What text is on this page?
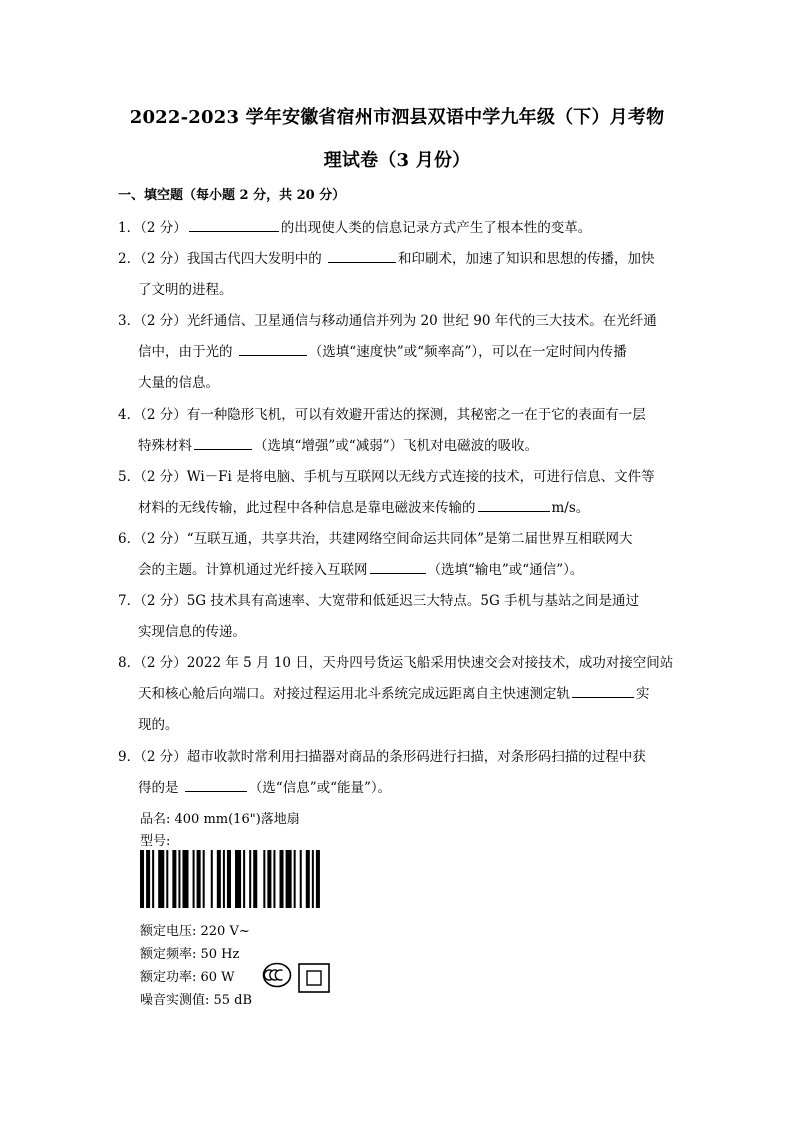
2022-2023 学年安徽省宿州市泗县双语中学九年级（下）月考物
理试卷（3 月份）
一、填空题（每小题 2 分，共 20 分）
1．（2 分）	的出现使人类的信息记录方式产生了根本性的变革。
2．（2 分）我国古代四大发明中的	和印刷术，加速了知识和思想的传播，加快
了文明的进程。
3．（2 分）光纤通信、卫星通信与移动通信并列为 20 世纪 90 年代的三大技术。在光纤通
信中，由于光的	（选填“速度快”或“频率高”），可以在一定时间内传播
大量的信息。
4．（2 分）有一种隐形飞机，可以有效避开雷达的探测，其秘密之一在于它的表面有一层
特殊材料	（选填“增强”或“减弱”）飞机对电磁波的吸收。
5．（2 分）Wi－Fi 是将电脑、手机与互联网以无线方式连接的技术，可进行信息、文件等
材料的无线传输，此过程中各种信息是靠电磁波来传输的	m/s。
6．（2 分）“互联互通，共享共治，共建网络空间命运共同体”是第二届世界互相联网大
会的主题。计算机通过光纤接入互联网	（选填“输电”或“通信”）。
7．（2 分）5G 技术具有高速率、大宽带和低延迟三大特点。5G 手机与基站之间是通过
实现信息的传递。
8．（2 分）2022 年 5 月 10 日，天舟四号货运飞船采用快速交会对接技术，成功对接空间站
天和核心舱后向端口。对接过程运用北斗系统完成远距离自主快速测定轨	实
现的。
9．（2 分）超市收款时常利用扫描器对商品的条形码进行扫描，对条形码扫描的过程中获
得的是	（选“信息”或“能量”）。
品名: 400 mm(16")落地扇
型号:
额定电压: 220 V~
额定频率: 50 Hz
额定功率: 60 W
噪音实测值: 55 dB
